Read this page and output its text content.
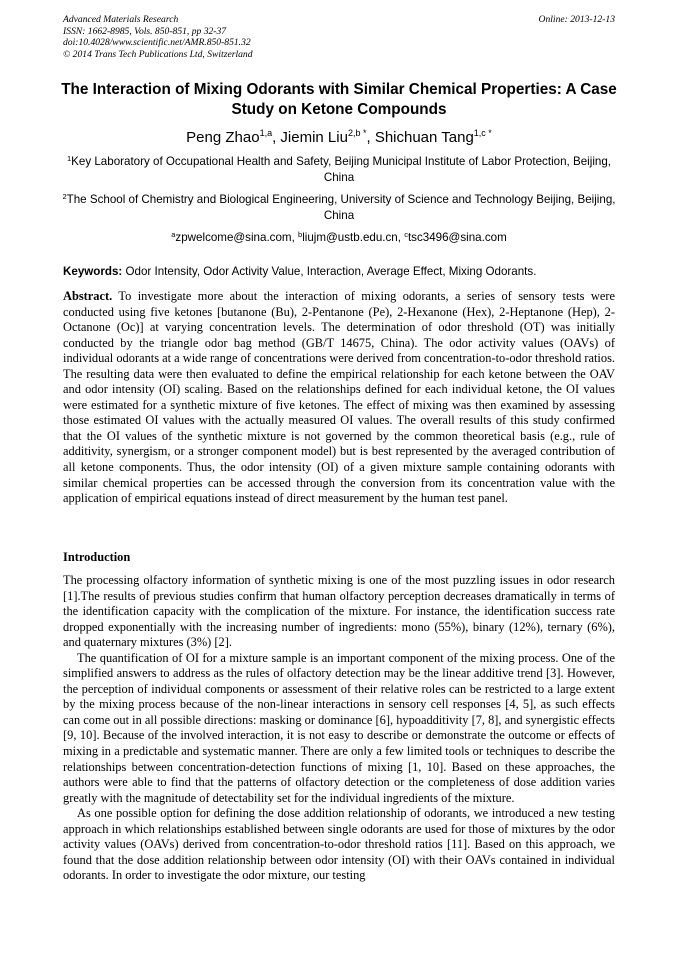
Advanced Materials Research
ISSN: 1662-8985, Vols. 850-851, pp 32-37
doi:10.4028/www.scientific.net/AMR.850-851.32
© 2014 Trans Tech Publications Ltd, Switzerland
Online: 2013-12-13
The Interaction of Mixing Odorants with Similar Chemical Properties: A Case Study on Ketone Compounds
Peng Zhao$^{1,a}$, Jiemin Liu$^{2,b *}$, Shichuan Tang$^{1,c *}$
$^1$Key Laboratory of Occupational Health and Safety, Beijing Municipal Institute of Labor Protection, Beijing, China
$^2$The School of Chemistry and Biological Engineering, University of Science and Technology Beijing, Beijing, China
$^a$zpwelcome@sina.com, $^b$liujm@ustb.edu.cn, $^c$tsc3496@sina.com
Keywords: Odor Intensity, Odor Activity Value, Interaction, Average Effect, Mixing Odorants.
Abstract. To investigate more about the interaction of mixing odorants, a series of sensory tests were conducted using five ketones [butanone (Bu), 2-Pentanone (Pe), 2-Hexanone (Hex), 2-Heptanone (Hep), 2-Octanone (Oc)] at varying concentration levels. The determination of odor threshold (OT) was initially conducted by the triangle odor bag method (GB/T 14675, China). The odor activity values (OAVs) of individual odorants at a wide range of concentrations were derived from concentration-to-odor threshold ratios. The resulting data were then evaluated to define the empirical relationship for each ketone between the OAV and odor intensity (OI) scaling. Based on the relationships defined for each individual ketone, the OI values were estimated for a synthetic mixture of five ketones. The effect of mixing was then examined by assessing those estimated OI values with the actually measured OI values. The overall results of this study confirmed that the OI values of the synthetic mixture is not governed by the common theoretical basis (e.g., rule of additivity, synergism, or a stronger component model) but is best represented by the averaged contribution of all ketone components. Thus, the odor intensity (OI) of a given mixture sample containing odorants with similar chemical properties can be accessed through the conversion from its concentration value with the application of empirical equations instead of direct measurement by the human test panel.
Introduction

The processing olfactory information of synthetic mixing is one of the most puzzling issues in odor research [1].The results of previous studies confirm that human olfactory perception decreases dramatically in terms of the identification capacity with the complication of the mixture. For instance, the identification success rate dropped exponentially with the increasing number of ingredients: mono (55%), binary (12%), ternary (6%), and quaternary mixtures (3%) [2].

The quantification of OI for a mixture sample is an important component of the mixing process. One of the simplified answers to address as the rules of olfactory detection may be the linear additive trend [3]. However, the perception of individual components or assessment of their relative roles can be restricted to a large extent by the mixing process because of the non-linear interactions in sensory cell responses [4, 5], as such effects can come out in all possible directions: masking or dominance [6], hypoadditivity [7, 8], and synergistic effects [9, 10]. Because of the involved interaction, it is not easy to describe or demonstrate the outcome or effects of mixing in a predictable and systematic manner. There are only a few limited tools or techniques to describe the relationships between concentration-detection functions of mixing [1, 10]. Based on these approaches, the authors were able to find that the patterns of olfactory detection or the completeness of dose addition varies greatly with the magnitude of detectability set for the individual ingredients of the mixture.

As one possible option for defining the dose addition relationship of odorants, we introduced a new testing approach in which relationships established between single odorants are used for those of mixtures by the odor activity values (OAVs) derived from concentration-to-odor threshold ratios [11]. Based on this approach, we found that the dose addition relationship between odor intensity (OI) with their OAVs contained in individual odorants. In order to investigate the odor mixture, our testing
